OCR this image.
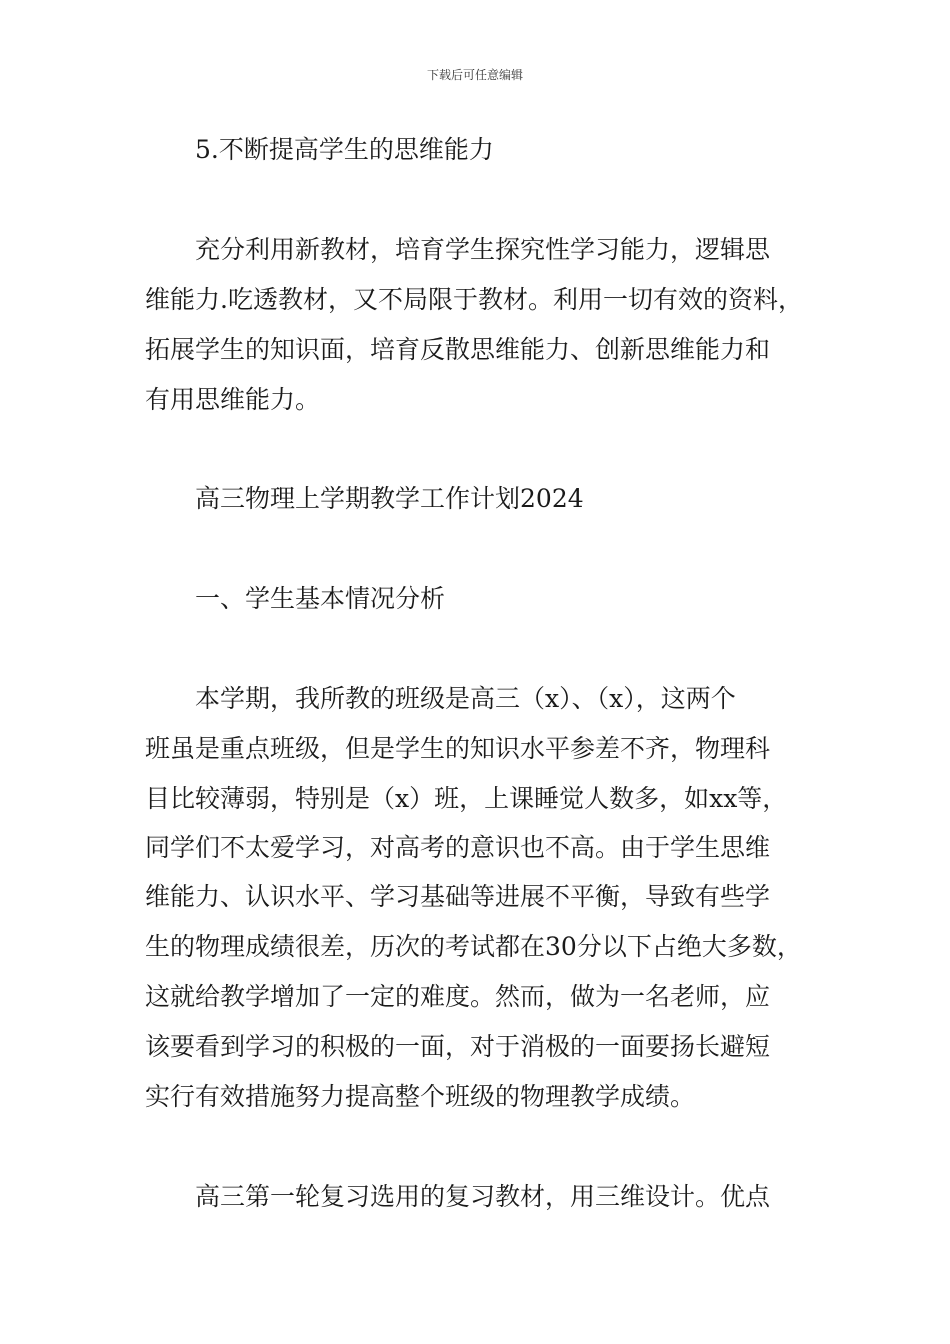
下载后可任意编辑
5.不断提高学生的思维能力
充分利用新教材，培育学生探究性学习能力，逻辑思
维能力.吃透教材，又不局限于教材。利用一切有效的资料，
拓展学生的知识面，培育反散思维能力、创新思维能力和
有用思维能力。
高三物理上学期教学工作计划2024
一、学生基本情况分析
本学期，我所教的班级是高三（x）、（x），这两个
班虽是重点班级，但是学生的知识水平参差不齐，物理科
目比较薄弱，特别是（x）班，上课睡觉人数多，如xx等，
同学们不太爱学习，对高考的意识也不高。由于学生思维
维能力、认识水平、学习基础等进展不平衡，导致有些学
生的物理成绩很差，历次的考试都在30分以下占绝大多数，
这就给教学增加了一定的难度。然而，做为一名老师，应
该要看到学习的积极的一面，对于消极的一面要扬长避短
实行有效措施努力提高整个班级的物理教学成绩。
高三第一轮复习选用的复习教材，用三维设计。优点
